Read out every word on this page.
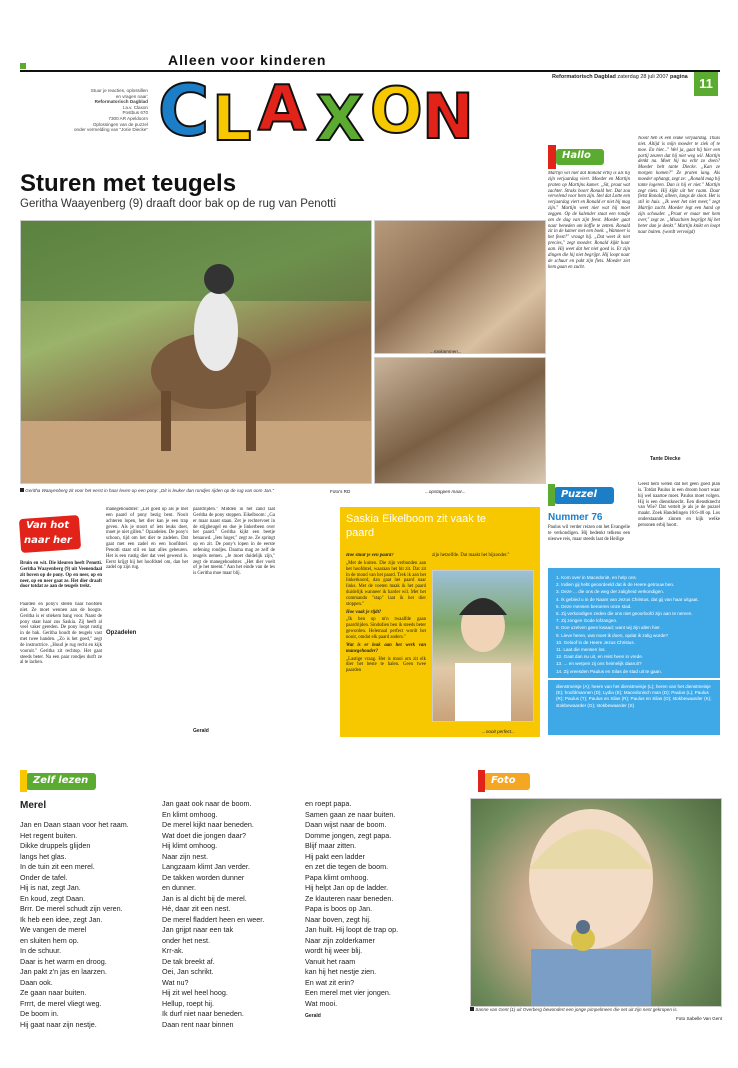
Alleen voor kinderen
C L A X O N
Stuur je reacties, oplossillen
en vragen naar:
Reformatorisch Dagblad
t.a.v. Claxon
Postbus 670
7300 AR Apeldoorn
Oplossingen van de puzzel
onder vermelding van "Jorie Diecke"
Reformatorisch Dagblad zaterdag 28 juli 2007 pagina 11
Sturen met teugels
Geritha Waayenberg (9) draaft door bak op de rug van Penotti
...roskammen...
Geritha Waayenberg zit voor het eerst in haar leven op een pony: „Dit is leuker dan rondjes rijden op de rug van oom Jan."	Foto's RD	...opstappen maar...
Hallo
Martijn wil niet dat Ronald erbij is als hij zijn verjaardag viert. Moeder en Martijn praten op Martijns kamer. „Sit, praat wat zachter. Straks hoort Ronald het. Dat zou vervelend voor hem zijn. Stel dat Lotte een verjaardag viert en Ronald er niet bij mag zijn." Martijn weet niet wat hij moet zeggen. Op de kalender staat een rondje om de dag van zijn feest. Moeder gaat naar beneden om koffie te zetten. Ronald zit in de kamer met een boek. „Wanneer is het feest?" vraagt hij. „Dat weet ik niet precies," zegt moeder. Ronald kijkt haar aan. Hij weet dat het niet goed is. Er zijn dingen die hij niet begrijpt. Hij loopt naar de schuur en pakt zijn fiets. Moeder ziet hem gaan en zucht.
Nooit heb ik een leuke verjaardag. Thuis niet. Altijd is mijn moeder te ziek of te moe. En hier..." Wel ja, gaat hij hier een partij zeuren dat hij niet weg wil. Martijn denkt na. Moet hij nu echt zo doen? Moeder belt tante Diecke. „Kan ze morgen komen?" Ze praten lang. Als moeder ophangt, zegt ze: „Ronald mag bij tante logeren. Dan is hij er niet." Martijn zegt niets. Hij kijkt uit het raam. Daar fietst Ronald, alleen, langs de sloot. Het is stil in huis. „Ik weet het niet meer," zegt Martijn zacht. Moeder legt een hand op zijn schouder. „Praat er maar met hem over," zegt ze. „Misschien begrijpt hij het beter dan je denkt." Martijn knikt en loopt naar buiten. (wordt vervolgd)
Tante Diecke
Van hot
naar her
Bruin en wit. Die kleuren heeft Penotti. Geritha Waayenberg (9) uit Veenendaal zit boven op de pony. Op en neer, op en neer, op en neer gaat ze. Het dier draaft door totdat ze aan de teugels trekt.
Paarden en pony's stelen haar hoofden niet. Ze moet wennen aan de hoogte. Geritha is er stiekem bang voor. Naast de pony staat haar zus Saskia. Zij heeft al veel vaker gereden. De pony loopt rustig in de bak. Geritha houdt de teugels vast met twee handen. „Zo is het goed," zegt de instructrice. „Houd je rug recht en kijk vooruit." Geritha zit rechtop. Het gaat steeds beter. Na een paar rondjes durft ze al te lachen.
manegehoudster: „Let goed op als je met een paard of pony bezig bent. Nooit achteren lopen, het dier kan je een trap geven. Als je stoort of iets leuks doet, moet je niet gillen." Opzadelen. De pony's schoon, tijd om het dier te zadelen. Dat gaat met een zadel en een hoofdstel. Penotti staat stil en laat alles gebeuren. Het is een rustig dier dat veel gewend is. Eerst krijgt hij het hoofdstel om, dan het zadel op zijn rug.
Opzadelen
paardrijden." Midden in het zand laat Geritha de pony stoppen. Eikelboom: „Ga er maar naast staan. Zet je rechtervoet in de stijgbeugel en doe je linkerbeen over het paard." Geritha kijkt een beetje benauwd. „Iets hoger," zegt ze. Ze springt op en zit. De pony's lopen in de eerste oefening rondjes. Daarna mag ze zelf de teugels nemen. „Je moet duidelijk zijn," zegt de manegehoudster. „Het dier voelt of je het meent." Aan het einde van de les is Geritha moe maar blij.
Gerald
Saskia Eikelboom zit vaak te paard

Hoe stuur je een paard?

„Met de kuiten. Die zijn verbonden aan het hoofdstel, waaraan het bit zit. Dat zit in de mond van het paard. Trek ik aan het linkerkoord, dan gaat het paard naar links. Met de voeten maak ik het paard duidelijk wanneer ik harder wil. Met het commando "stap" laat ik het dier stoppen."

Hoe vaak je rijdt?

„Ik ben op m'n twaalfde gaan paardrijden. Sindsdien ben ik steeds beter geworden. Helemaal perfect wordt het nooit, omdat elk paard anders."

Wat is er leuk aan het werk van manegehouder?

„Lastige vraag. Het is mooi om zit elk dier het beste te halen. Geen twee paarden

zijn hetzelfde. Dat maakt het bijzonder."
...nooit perfect...
Puzzel
Nummer 76
Paulus wil verder reizen om het Evangelie te verkondigen. Hij bedenkt telkens een nieuwe reis, maar steeds laat de Heilige
Geest hem weten dat het geen goed plan is. Totdat Paulus in een droom hoort waar hij wel naartoe moet. Paulus moet volgen. Hij is een dienstknecht. Een dienstknecht van Wie? Dat vertelt je als je de puzzel maakt. Zoek Handelingen 16:6-40 op. Los onderstaande zinnen en kijk welke personen erbij hoort.
1. Kom over in Macedonië, en help ons.
2. Indien gij hebt geoordeeld dat ik de Heere getrouw ben.
3. Deze ... die ons de weg der zaligheid verkondigen.
4. Ik gebied u in de Naam van Jezus Christus, dat gij van haar uitgaat.
5. Deze mensen beroeren onze stad.
6. Zij verkondigen zeden die ons niet geoorloofd zijn aan te nemen.
7. Zij zongen Gode lofzangen.
8. Doe uzelven geen kwaad; want wij zijn allen hier.
9. Lieve heren, wat moet ik doen, opdat ik zalig worde?
10. Geloof in de Heere Jezus Christus.
11. Laat die mensen los.
12. Gaat dan nu uit, en reist heen in vrede.
13. ... en werpen zij ons heimelijk daaruit?
14. Zij vreesden Paulus en Silas de stad uit te gaan.
dienstmeisje (A); heere van het dienstmeisje (L); heren van het dienstmeisje (E); hoofdmannen (D); Lydia (E); Macedonisch man (D); Paulus (L); Paulus (R); Paulus (T); Paulus en Silas (R); Paulus en Silas (O); stokbewaarder (K); stokbewaarder (G); stokbewaarder (S)
Zelf lezen
Merel
Jan en Daan staan voor het raam.
Het regent buiten.
Dikke druppels glijden
langs het glas.
In de tuin zit een merel.
Onder de tafel.
Hij is nat, zegt Jan.
En koud, zegt Daan.
Brrr. De merel schudt zijn veren.
Ik heb een idee, zegt Jan.
We vangen de merel
en sluiten hem op.
In de schuur.
Daar is het warm en droog.
Jan pakt z'n jas en laarzen.
Daan ook.
Ze gaan naar buiten.
Frrrt, de merel vliegt weg.
De boom in.
Hij gaat naar zijn nestje.
Jan gaat ook naar de boom.
En klimt omhoog.
De merel kijkt naar beneden.
Wat doet die jongen daar?
Hij klimt omhoog.
Naar zijn nest.
Langzaam klimt Jan verder.
De takken worden dunner
en dunner.
Jan is al dicht bij de merel.
Hé, daar zit een nest.
De merel fladdert heen en weer.
Jan grijpt naar een tak
onder het nest.
Krr-ak.
De tak breekt af.
Oei, Jan schrikt.
Wat nu?
Hij zit wel heel hoog.
Hellup, roept hij.
Ik durf niet naar beneden.
Daan rent naar binnen
en roept papa.
Samen gaan ze naar buiten.
Daan wijst naar de boom.
Domme jongen, zegt papa.
Blijf maar zitten.
Hij pakt een ladder
en zet die tegen de boom.
Papa klimt omhoog.
Hij helpt Jan op de ladder.
Ze klauteren naar beneden.
Papa is boos op Jan.
Naar boven, zegt hij.
Jan huilt. Hij loopt de trap op.
Naar zijn zolderkamer
wordt hij weer blij.
Vanuit het raam
kan hij het nestje zien.
En wat zit erin?
Een merel met vier jongen.
Wat mooi.
Gerald
Foto
Sanne van Gent (1) uit Overberg bewondert een jonge pimpelmees die net uit zijn nest gekropen is.
Foto Sabelle Van Gent
